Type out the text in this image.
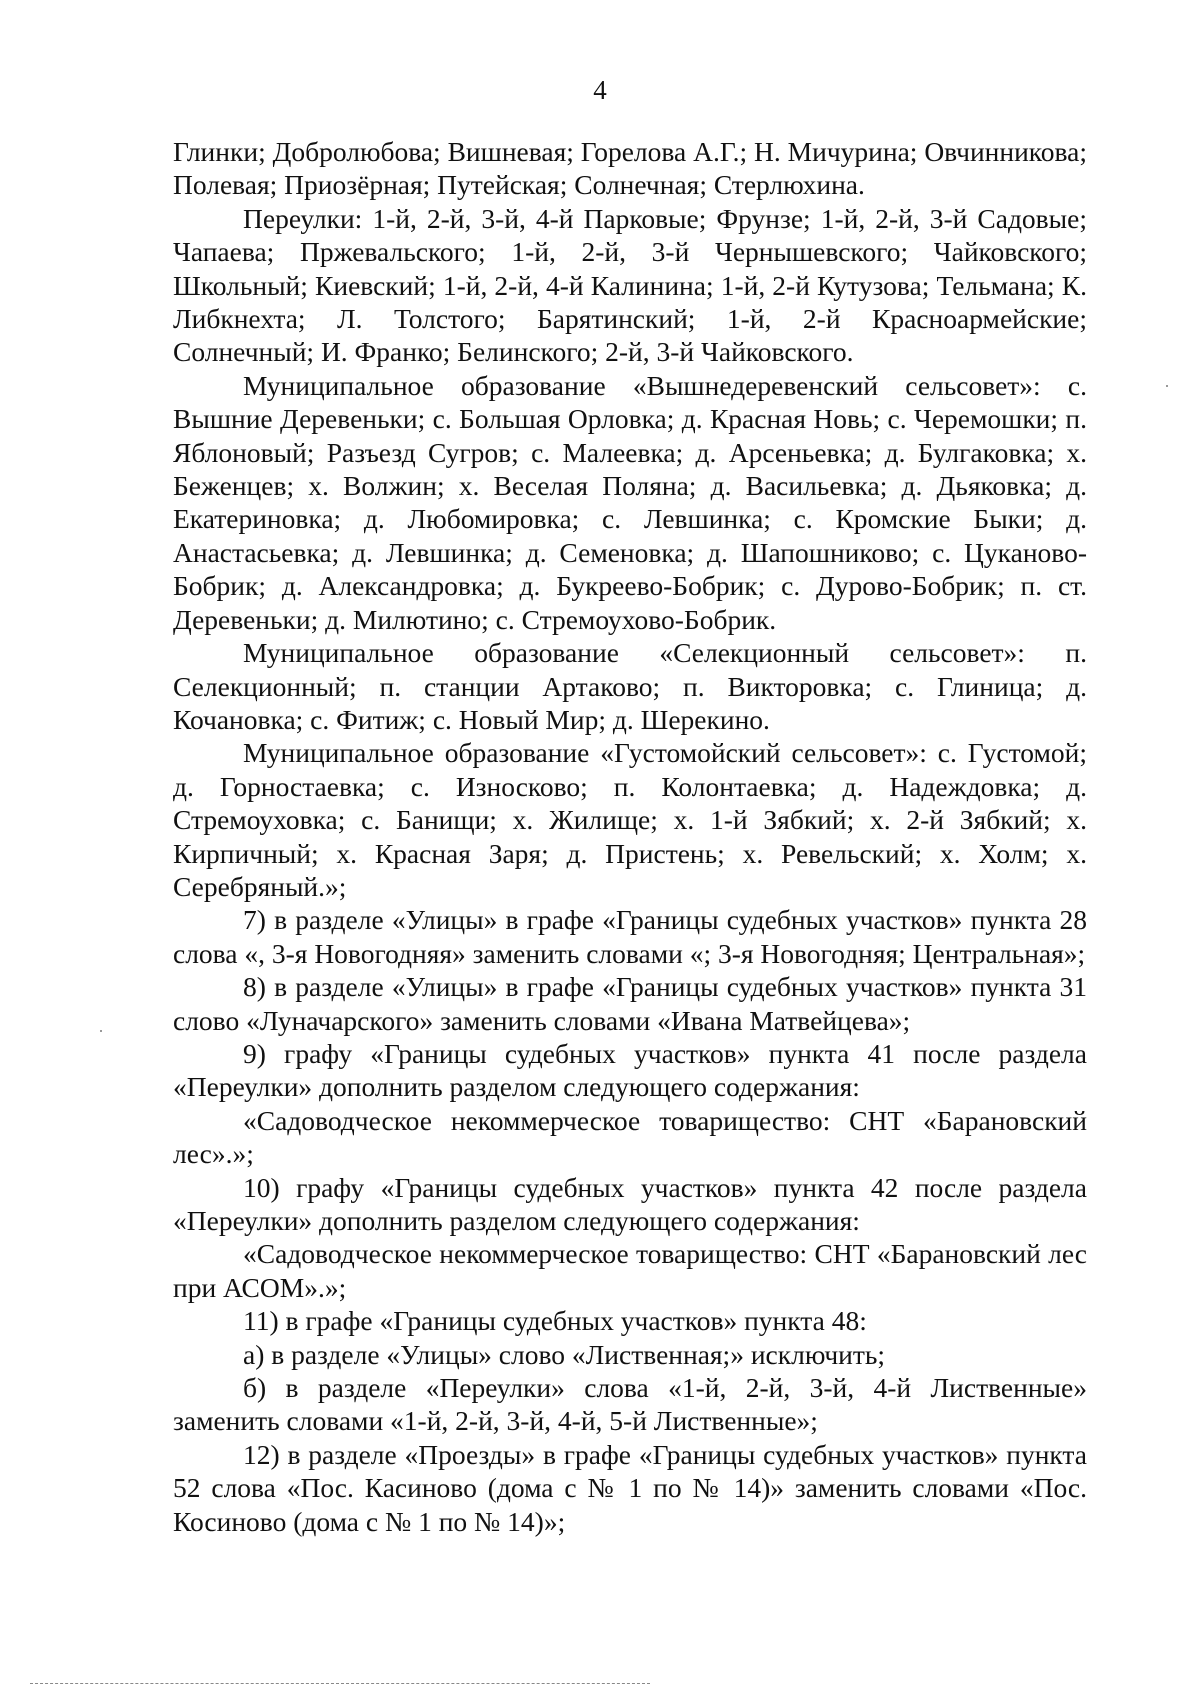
4

Глинки; Добролюбова; Вишневая; Горелова А.Г.; Н. Мичурина; Овчинникова; Полевая; Приозёрная; Путейская; Солнечная; Стерлюхина.

Переулки: 1-й, 2-й, 3-й, 4-й Парковые; Фрунзе; 1-й, 2-й, 3-й Садовые; Чапаева; Пржевальского; 1-й, 2-й, 3-й Чернышевского; Чайковского; Школьный; Киевский; 1-й, 2-й, 4-й Калинина; 1-й, 2-й Кутузова; Тельмана; К. Либкнехта; Л. Толстого; Барятинский; 1-й, 2-й Красноармейские; Солнечный; И. Франко; Белинского; 2-й, 3-й Чайковского.

Муниципальное образование «Вышнедеревенский сельсовет»: с. Вышние Деревеньки; с. Большая Орловка; д. Красная Новь; с. Черемошки; п. Яблоновый; Разъезд Сугров; с. Малеевка; д. Арсеньевка; д. Булгаковка; х. Беженцев; х. Волжин; х. Веселая Поляна; д. Васильевка; д. Дьяковка; д. Екатериновка; д. Любомировка; с. Левшинка; с. Кромские Быки; д. Анастасьевка; д. Левшинка; д. Семеновка; д. Шапошниково; с. Цуканово-Бобрик; д. Александровка; д. Букреево-Бобрик; с. Дурово-Бобрик; п. ст. Деревеньки; д. Милютино; с. Стремоухово-Бобрик.

Муниципальное образование «Селекционный сельсовет»: п. Селекционный; п. станции Артаково; п. Викторовка; с. Глиница; д. Кочановка; с. Фитиж; с. Новый Мир; д. Шерекино.

Муниципальное образование «Густомойский сельсовет»: с. Густомой; д. Горностаевка; с. Износково; п. Колонтаевка; д. Надеждовка; д. Стремоуховка; с. Банищи; х. Жилище; х. 1-й Зябкий; х. 2-й Зябкий; х. Кирпичный; х. Красная Заря; д. Пристень; х. Ревельский; х. Холм; х. Серебряный.»;

7) в разделе «Улицы» в графе «Границы судебных участков» пункта 28 слова «, 3-я Новогодняя» заменить словами «; 3-я Новогодняя; Центральная»;

8) в разделе «Улицы» в графе «Границы судебных участков» пункта 31 слово «Луначарского» заменить словами «Ивана Матвейцева»;

9) графу «Границы судебных участков» пункта 41 после раздела «Переулки» дополнить разделом следующего содержания:

«Садоводческое некоммерческое товарищество: СНТ «Барановский лес».»;

10) графу «Границы судебных участков» пункта 42 после раздела «Переулки» дополнить разделом следующего содержания:

«Садоводческое некоммерческое товарищество: СНТ «Барановский лес при АСОМ».»;

11) в графе «Границы судебных участков» пункта 48:

а) в разделе «Улицы» слово «Лиственная;» исключить;

б) в разделе «Переулки» слова «1-й, 2-й, 3-й, 4-й Лиственные» заменить словами «1-й, 2-й, 3-й, 4-й, 5-й Лиственные»;

12) в разделе «Проезды» в графе «Границы судебных участков» пункта 52 слова «Пос. Касиново (дома с № 1 по № 14)» заменить словами «Пос. Косиново (дома с № 1 по № 14)»;
